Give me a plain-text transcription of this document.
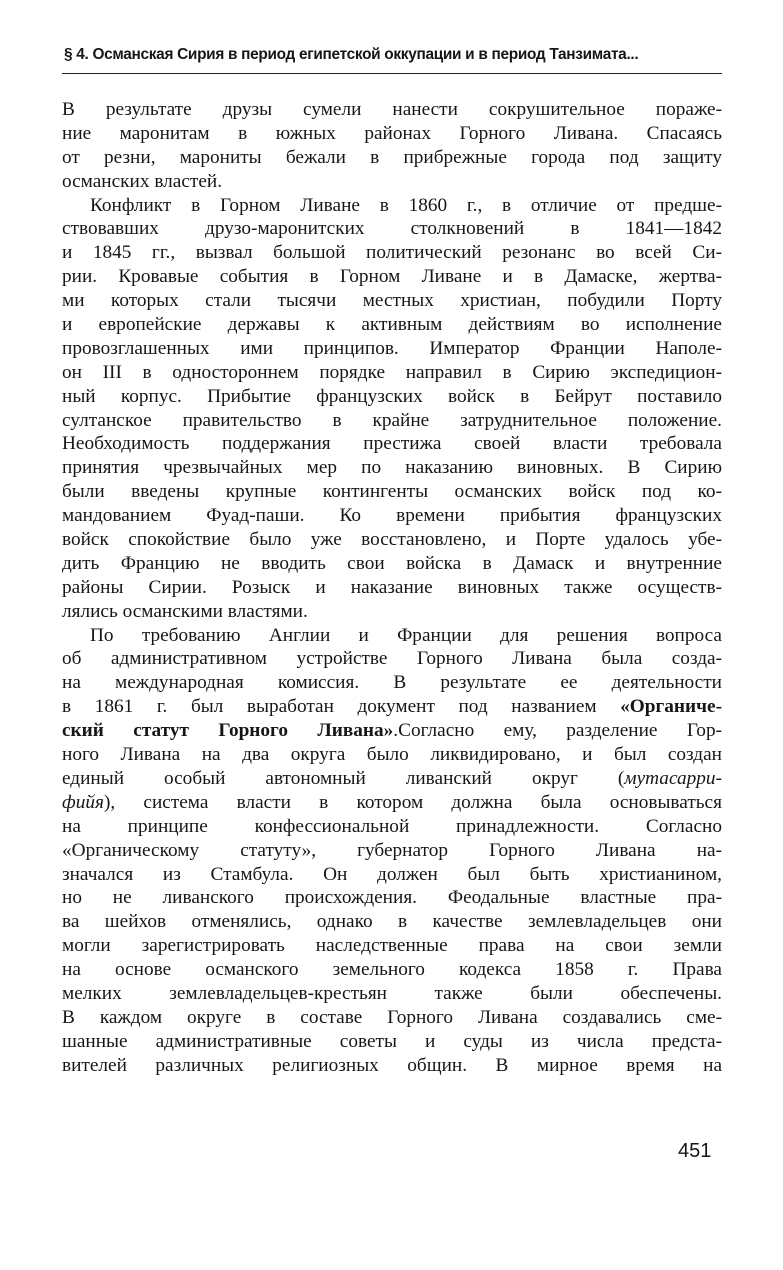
§ 4. Османская Сирия в период египетской оккупации и в период Танзимата...
В результате друзы сумели нанести сокрушительное пораже-
ние маронитам в южных районах Горного Ливана. Спасаясь
от резни, марониты бежали в прибрежные города под защиту
османских властей.
Конфликт в Горном Ливане в 1860 г., в отличие от предше-
ствовавших друзо-маронитских столкновений в 1841—1842
и 1845 гг., вызвал большой политический резонанс во всей Си-
рии. Кровавые события в Горном Ливане и в Дамаске, жертва-
ми которых стали тысячи местных христиан, побудили Порту
и европейские державы к активным действиям во исполнение
провозглашенных ими принципов. Император Франции Наполе-
он III в одностороннем порядке направил в Сирию экспедицион-
ный корпус. Прибытие французских войск в Бейрут поставило
султанское правительство в крайне затруднительное положение.
Необходимость поддержания престижа своей власти требовала
принятия чрезвычайных мер по наказанию виновных. В Сирию
были введены крупные контингенты османских войск под ко-
мандованием Фуад-паши. Ко времени прибытия французских
войск спокойствие было уже восстановлено, и Порте удалось убе-
дить Францию не вводить свои войска в Дамаск и внутренние
районы Сирии. Розыск и наказание виновных также осуществ-
лялись османскими властями.
По требованию Англии и Франции для решения вопроса
об административном устройстве Горного Ливана была созда-
на международная комиссия. В результате ее деятельности
в 1861 г. был выработан документ под названием «Органиче-
ский статут Горного Ливана».Согласно ему, разделение Гор-
ного Ливана на два округа было ликвидировано, и был создан
единый особый автономный ливанский округ (мутасарри-
фийя), система власти в котором должна была основываться
на принципе конфессиональной принадлежности. Согласно
«Органическому статуту», губернатор Горного Ливана на-
значался из Стамбула. Он должен был быть христианином,
но не ливанского происхождения. Феодальные властные пра-
ва шейхов отменялись, однако в качестве землевладельцев они
могли зарегистрировать наследственные права на свои земли
на основе османского земельного кодекса 1858 г. Права
мелких землевладельцев-крестьян также были обеспечены.
В каждом округе в составе Горного Ливана создавались сме-
шанные административные советы и суды из числа предста-
вителей различных религиозных общин. В мирное время на
451
